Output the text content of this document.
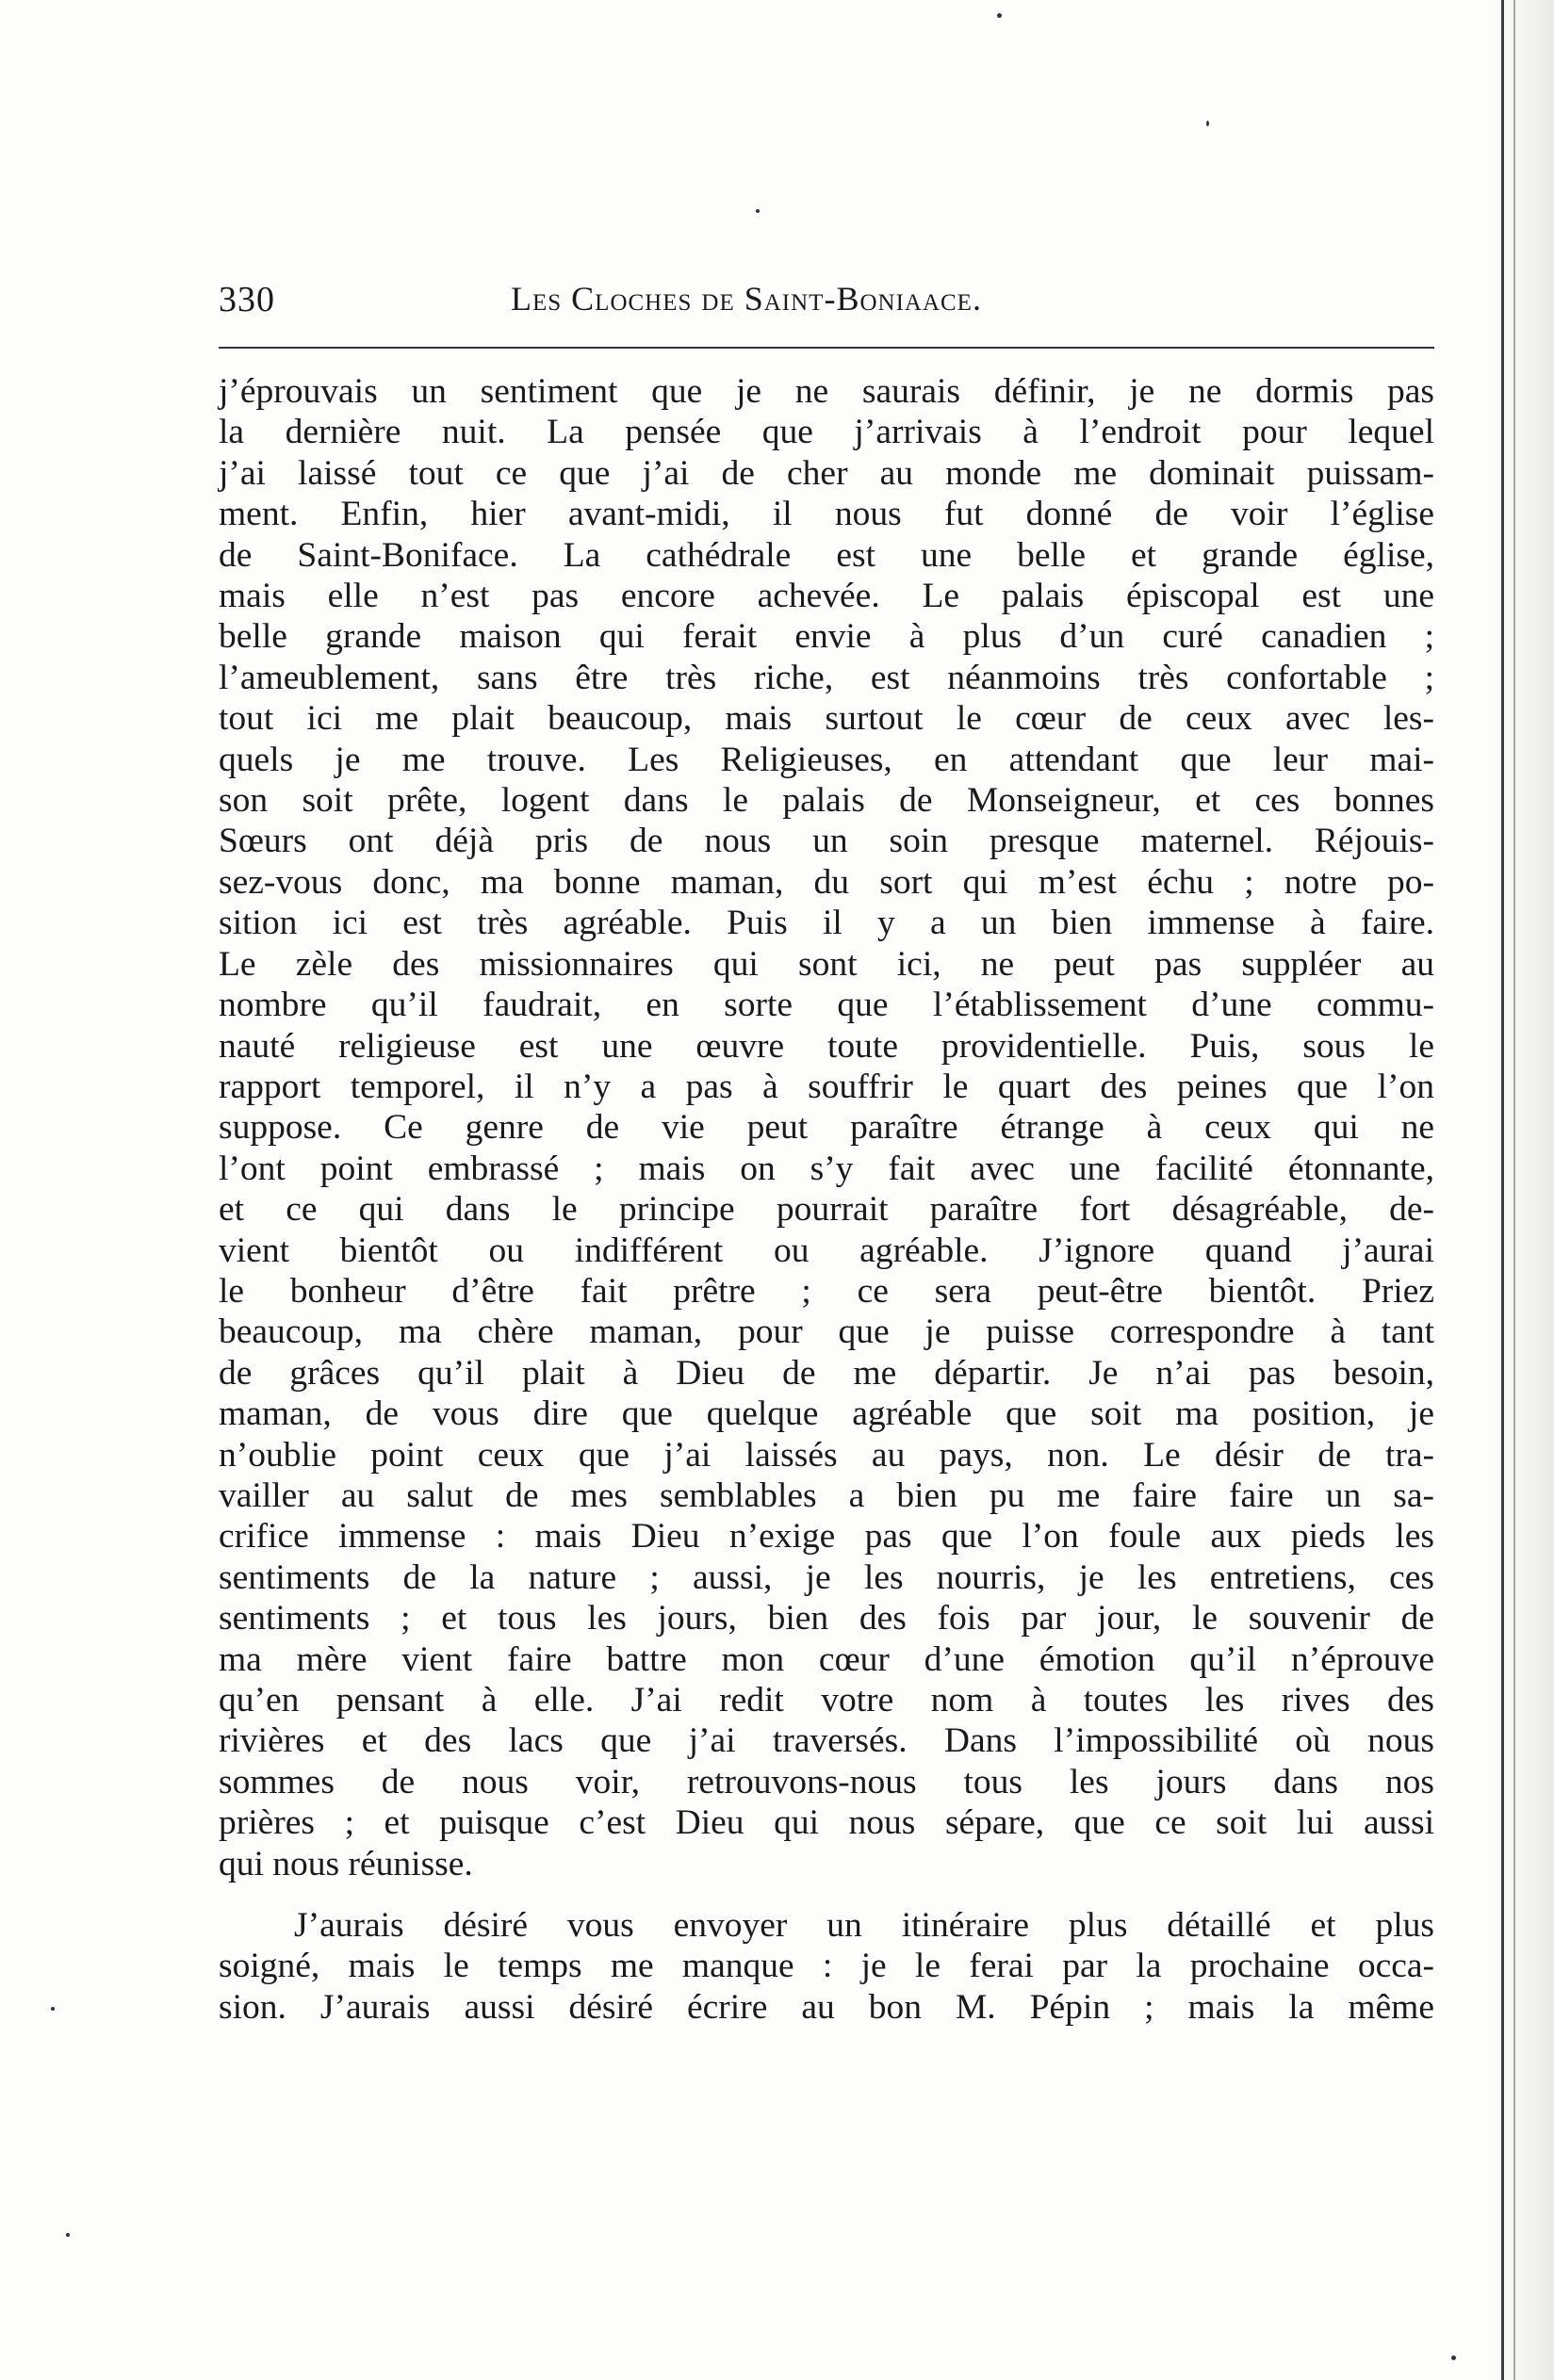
330	Les Cloches de Saint-Boniaace.

j’éprouvais un sentiment que je ne saurais définir, je ne dormis pas

la dernière nuit. La pensée que j’arrivais à l’endroit pour lequel

j’ai laissé tout ce que j’ai de cher au monde me dominait puissam-

ment. Enfin, hier avant-midi, il nous fut donné de voir l’église

de Saint-Boniface. La cathédrale est une belle et grande église,

mais elle n’est pas encore achevée. Le palais épiscopal est une

belle grande maison qui ferait envie à plus d’un curé canadien ;

l’ameublement, sans être très riche, est néanmoins très confortable ;

tout ici me plait beaucoup, mais surtout le cœur de ceux avec les-

quels je me trouve. Les Religieuses, en attendant que leur mai-

son soit prête, logent dans le palais de Monseigneur, et ces bonnes

Sœurs ont déjà pris de nous un soin presque maternel. Réjouis-

sez-vous donc, ma bonne maman, du sort qui m’est échu ; notre po-

sition ici est très agréable. Puis il y a un bien immense à faire.

Le zèle des missionnaires qui sont ici, ne peut pas suppléer au

nombre qu’il faudrait, en sorte que l’établissement d’une commu-

nauté religieuse est une œuvre toute providentielle. Puis, sous le

rapport temporel, il n’y a pas à souffrir le quart des peines que l’on

suppose. Ce genre de vie peut paraître étrange à ceux qui ne

l’ont point embrassé ; mais on s’y fait avec une facilité étonnante,

et ce qui dans le principe pourrait paraître fort désagréable, de-

vient bientôt ou indifférent ou agréable. J’ignore quand j’aurai

le bonheur d’être fait prêtre ; ce sera peut-être bientôt. Priez

beaucoup, ma chère maman, pour que je puisse correspondre à tant

de grâces qu’il plait à Dieu de me départir. Je n’ai pas besoin,

maman, de vous dire que quelque agréable que soit ma position, je

n’oublie point ceux que j’ai laissés au pays, non. Le désir de tra-

vailler au salut de mes semblables a bien pu me faire faire un sa-

crifice immense : mais Dieu n’exige pas que l’on foule aux pieds les

sentiments de la nature ; aussi, je les nourris, je les entretiens, ces

sentiments ; et tous les jours, bien des fois par jour, le souvenir de

ma mère vient faire battre mon cœur d’une émotion qu’il n’éprouve

qu’en pensant à elle. J’ai redit votre nom à toutes les rives des

rivières et des lacs que j’ai traversés. Dans l’impossibilité où nous

sommes de nous voir, retrouvons-nous tous les jours dans nos

prières ; et puisque c’est Dieu qui nous sépare, que ce soit lui aussi

qui nous réunisse.

J’aurais désiré vous envoyer un itinéraire plus détaillé et plus

soigné, mais le temps me manque : je le ferai par la prochaine occa-

sion. J’aurais aussi désiré écrire au bon M. Pépin ; mais la même
